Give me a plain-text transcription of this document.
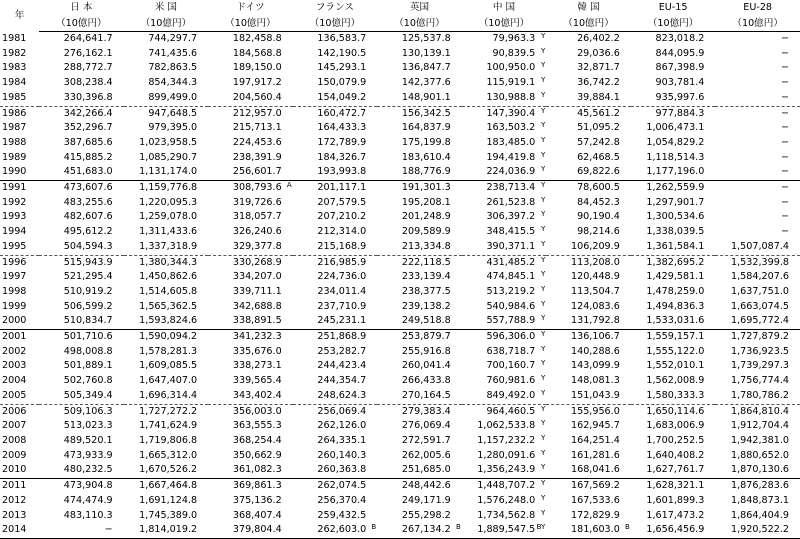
年	日 本	米 国	ドイツ	フランス	英国	中 国	韓 国	EU-15	EU-28
	（10億円）	（10億円）	（10億円）	（10億円）	（10億円）	（10億円）	（10億円）	（10億円）	（10億円）
1981	264,641.7	744,297.7	182,458.8	136,583.7	125,537.8	79,963.3 Y	26,402.2	823,018.2	−
1982	276,162.1	741,435.6	184,568.8	142,190.5	130,139.1	90,839.5 Y	29,036.6	844,095.9	−
1983	288,772.7	782,863.5	189,150.0	145,293.1	136,847.7	100,950.0 Y	32,871.7	867,398.9	−
1984	308,238.4	854,344.3	197,917.2	150,079.9	142,377.6	115,919.1 Y	36,742.2	903,781.4	−
1985	330,396.8	899,499.0	204,560.4	154,049.2	148,901.1	130,988.8 Y	39,884.1	935,997.6	−
1986	342,266.4	947,648.5	212,957.0	160,472.7	156,342.5	147,390.4 Y	45,561.2	977,884.3	−
1987	352,296.7	979,395.0	215,713.1	164,433.3	164,837.9	163,503.2 Y	51,095.2	1,006,473.1	−
1988	387,685.6	1,023,958.5	224,453.6	172,789.9	175,199.8	183,485.0 Y	57,242.8	1,054,829.2	−
1989	415,885.2	1,085,290.7	238,391.9	184,326.7	183,610.4	194,419.8 Y	62,468.5	1,118,514.3	−
1990	451,683.0	1,131,174.0	256,601.7	193,993.8	188,776.9	224,036.9 Y	69,822.6	1,177,196.0	−
1991	473,607.6	1,159,776.8	308,793.6 A	201,117.1	191,301.3	238,713.4 Y	78,600.5	1,262,559.9	−
1992	483,255.6	1,220,095.3	319,726.6	207,579.5	195,208.1	261,523.8 Y	84,452.3	1,297,901.7	−
1993	482,607.6	1,259,078.0	318,057.7	207,210.2	201,248.9	306,397.2 Y	90,190.4	1,300,534.6	−
1994	495,612.2	1,311,433.6	326,240.6	212,314.0	209,589.9	348,415.5 Y	98,214.6	1,338,039.5	−
1995	504,594.3	1,337,318.9	329,377.8	215,168.9	213,334.8	390,371.1 Y	106,209.9	1,361,584.1	1,507,087.4
1996	515,943.9	1,380,344.3	330,268.9	216,985.9	222,118.5	431,485.2 Y	113,208.0	1,382,695.2	1,532,399.8
1997	521,295.4	1,450,862.6	334,207.0	224,736.0	233,139.4	474,845.1 Y	120,448.9	1,429,581.1	1,584,207.6
1998	510,919.2	1,514,605.8	339,711.1	234,011.4	238,377.5	513,219.2 Y	113,504.7	1,478,259.0	1,637,751.0
1999	506,599.2	1,565,362.5	342,688.8	237,710.9	239,138.2	540,984.6 Y	124,083.6	1,494,836.3	1,663,074.5
2000	510,834.7	1,593,824.6	338,891.5	245,231.1	249,518.8	557,788.9 Y	131,792.8	1,533,031.6	1,695,772.4
2001	501,710.6	1,590,094.2	341,232.3	251,868.9	253,879.7	596,306.0 Y	136,106.7	1,559,157.1	1,727,879.2
2002	498,008.8	1,578,281.3	335,676.0	253,282.7	255,916.8	638,718.7 Y	140,288.6	1,555,122.0	1,736,923.5
2003	501,889.1	1,609,085.5	338,273.1	244,423.4	260,041.4	700,160.7 Y	143,099.9	1,552,010.1	1,739,297.3
2004	502,760.8	1,647,407.0	339,565.4	244,354.7	266,433.8	760,981.6 Y	148,081.3	1,562,008.9	1,756,774.4
2005	505,349.4	1,696,314.4	343,402.4	248,624.3	270,164.5	849,492.0 Y	151,043.9	1,580,333.3	1,780,786.2
2006	509,106.3	1,727,272.2	356,003.0	256,069.4	279,383.4	964,460.5 Y	155,956.0	1,650,114.6	1,864,810.4
2007	513,023.3	1,741,624.9	363,555.3	262,126.0	276,069.4	1,062,533.8 Y	162,945.7	1,683,006.9	1,912,704.4
2008	489,520.1	1,719,806.8	368,254.4	264,335.1	272,591.7	1,157,232.2 Y	164,251.4	1,700,252.5	1,942,381.0
2009	473,933.9	1,665,312.0	350,662.9	260,140.3	262,005.6	1,280,091.6 Y	161,281.6	1,640,408.2	1,880,652.0
2010	480,232.5	1,670,526.2	361,082.3	260,363.8	251,685.0	1,356,243.9 Y	168,041.6	1,627,761.7	1,870,130.6
2011	473,904.8	1,667,464.8	369,861.3	262,074.5	248,442.6	1,448,707.2 Y	167,569.2	1,628,321.1	1,876,283.6
2012	474,474.9	1,691,124.8	375,136.2	256,370.4	249,171.9	1,576,248.0 Y	167,533.6	1,601,899.3	1,848,873.1
2013	483,110.3	1,745,389.0	368,407.4	259,432.5	255,298.2	1,734,562.8 Y	172,829.9	1,617,473.2	1,864,404.9
2014	−	1,814,019.2	379,804.4	262,603.0 B	267,134.2 B	1,889,547.5 BY	181,603.0 B	1,656,456.9	1,920,522.2
